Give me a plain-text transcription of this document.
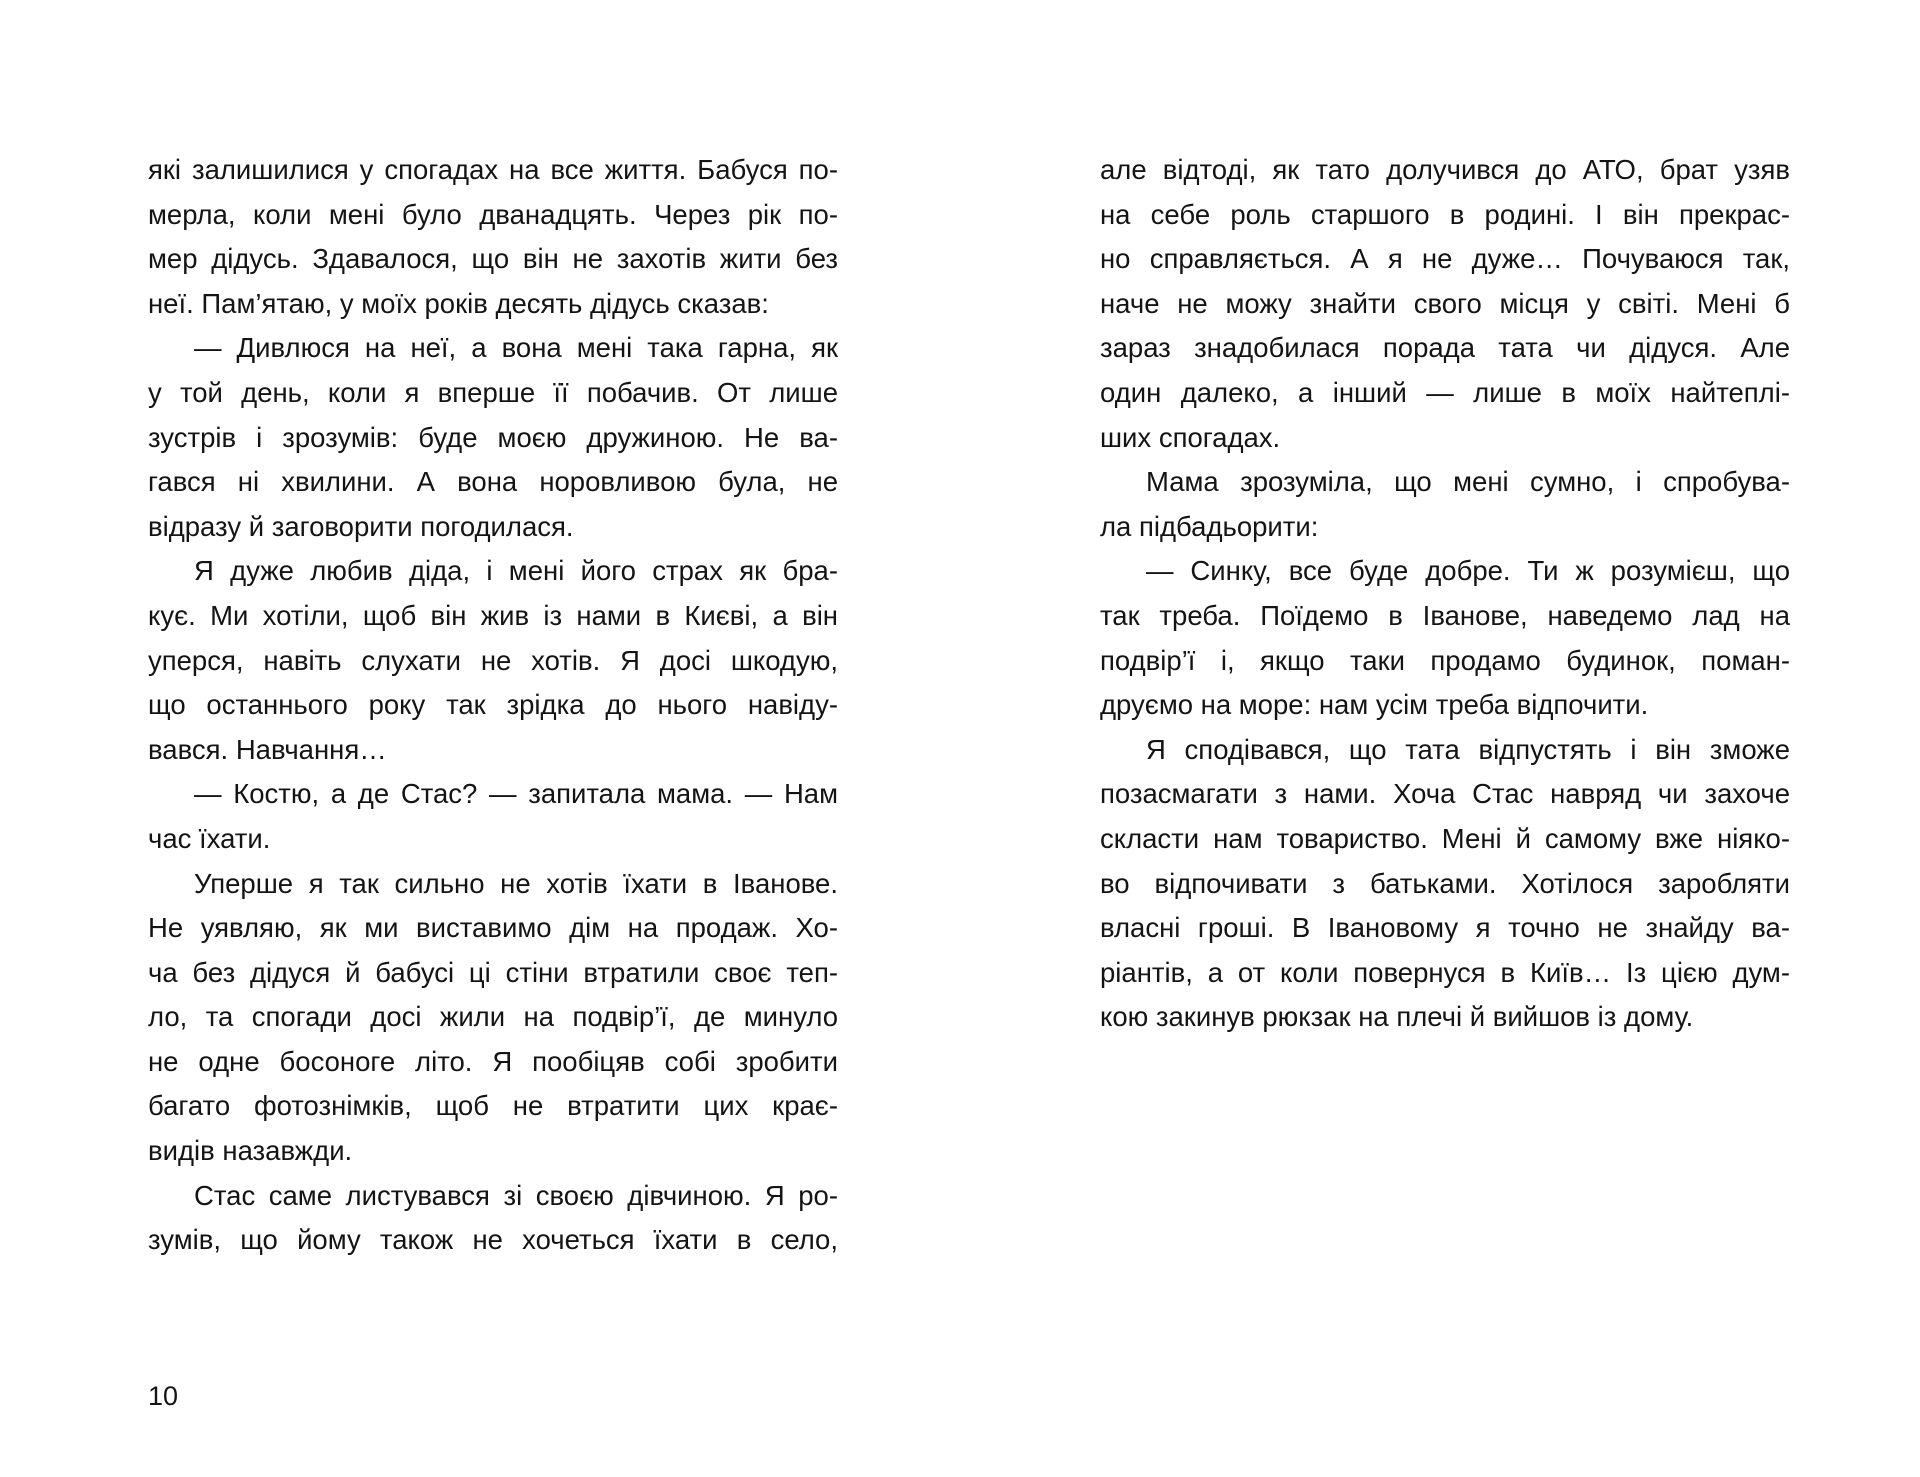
які залишилися у спогадах на все життя. Бабуся по-
мерла, коли мені було дванадцять. Через рік по-
мер дідусь. Здавалося, що він не захотів жити без
неї. Пам’ятаю, у моїх років десять дідусь сказав:
— Дивлюся на неї, а вона мені така гарна, як
у той день, коли я вперше її побачив. От лише
зустрів і зрозумів: буде моєю дружиною. Не ва-
гався ні хвилини. А вона норовливою була, не
відразу й заговорити погодилася.
Я дуже любив діда, і мені його страх як бра-
кує. Ми хотіли, щоб він жив із нами в Києві, а він
уперся, навіть слухати не хотів. Я досі шкодую,
що останнього року так зрідка до нього навіду-
вався. Навчання…
— Костю, а де Стас? — запитала мама. — Нам
час їхати.
Уперше я так сильно не хотів їхати в Іванове.
Не уявляю, як ми виставимо дім на продаж. Хо-
ча без дідуся й бабусі ці стіни втратили своє теп-
ло, та спогади досі жили на подвір’ї, де минуло
не одне босоноге літо. Я пообіцяв собі зробити
багато фотознімків, щоб не втратити цих крає-
видів назавжди.
Стас саме листувався зі своєю дівчиною. Я ро-
зумів, що йому також не хочеться їхати в село,
але відтоді, як тато долучився до АТО, брат узяв
на себе роль старшого в родині. І він прекрас-
но справляється. А я не дуже… Почуваюся так,
наче не можу знайти свого місця у світі. Мені б
зараз знадобилася порада тата чи дідуся. Але
один далеко, а інший — лише в моїх найтеплі-
ших спогадах.
Мама зрозуміла, що мені сумно, і спробува-
ла підбадьорити:
— Синку, все буде добре. Ти ж розумієш, що
так треба. Поїдемо в Іванове, наведемо лад на
подвір’ї і, якщо таки продамо будинок, поман-
друємо на море: нам усім треба відпочити.
Я сподівався, що тата відпустять і він зможе
позасмагати з нами. Хоча Стас навряд чи захоче
скласти нам товариство. Мені й самому вже ніяко-
во відпочивати з батьками. Хотілося заробляти
власні гроші. В Івановому я точно не знайду ва-
ріантів, а от коли повернуся в Київ… Із цією дум-
кою закинув рюкзак на плечі й вийшов із дому.
10
